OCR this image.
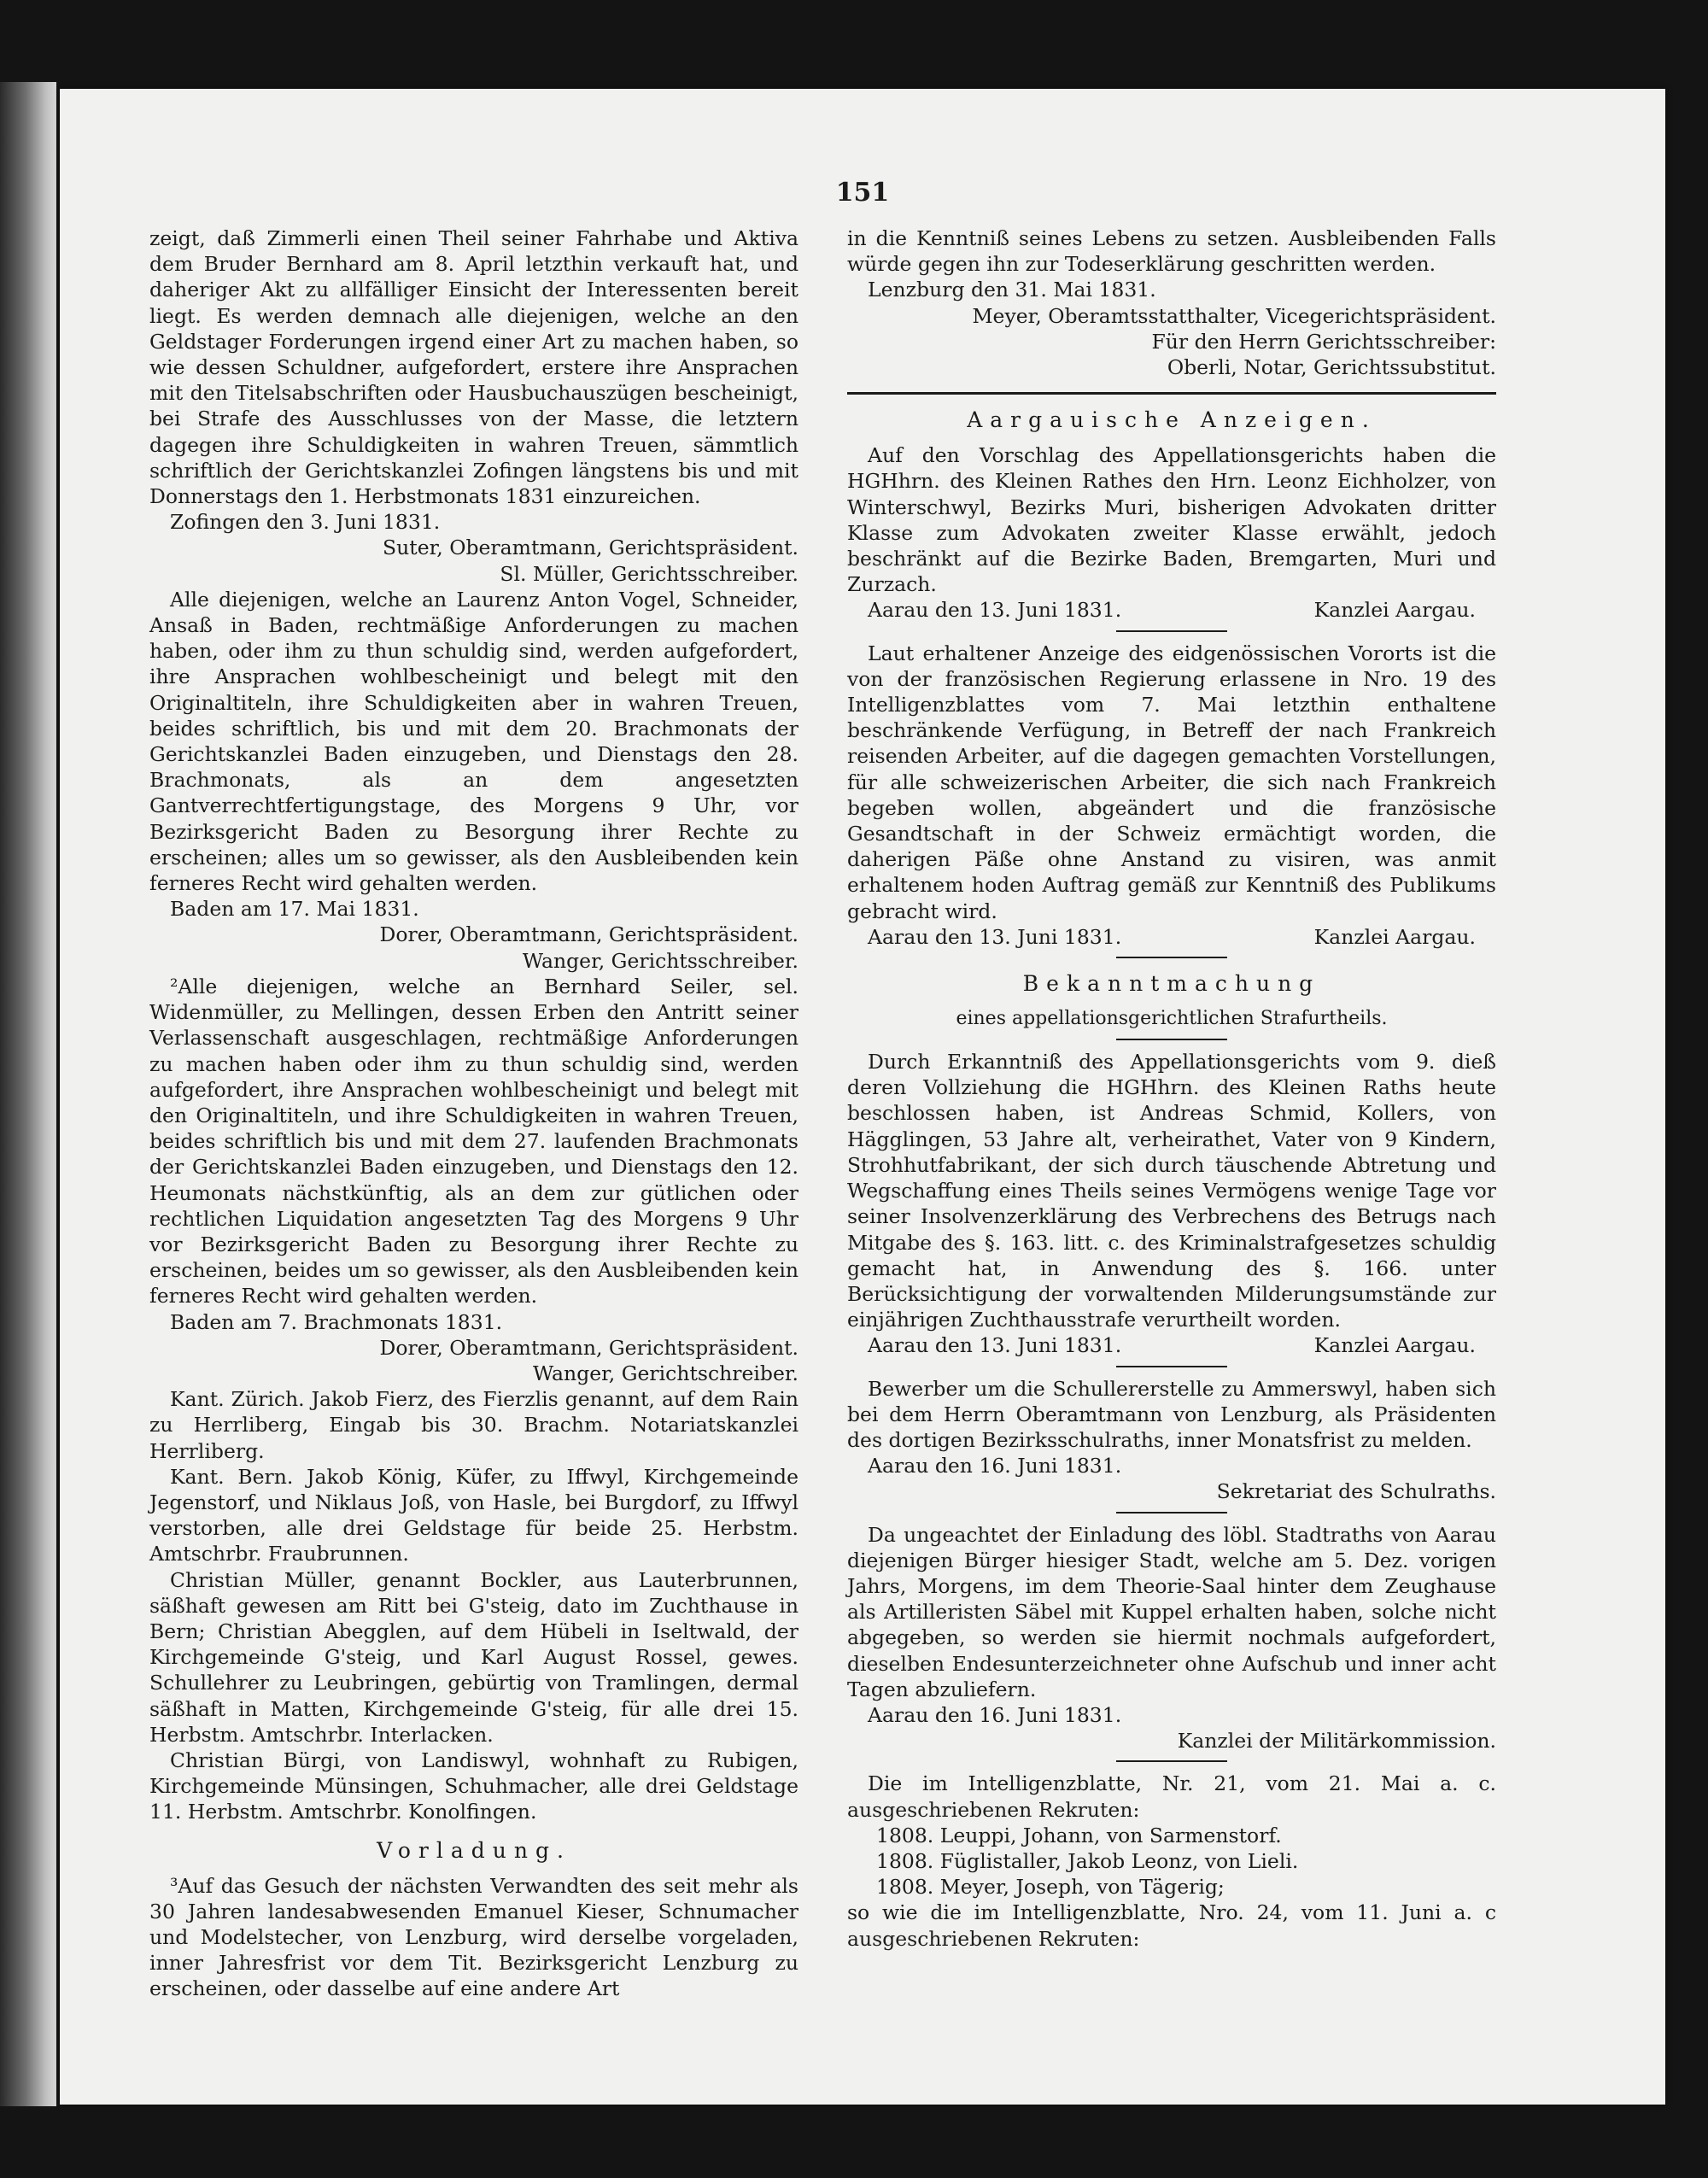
151

zeigt, daß Zimmerli einen Theil seiner Fahrhabe und Aktiva dem Bruder Bernhard am 8. April letzthin verkauft hat, und daheriger Akt zu allfälliger Einsicht der Interessenten bereit liegt. Es werden demnach alle diejenigen, welche an den Geldstager Forderungen irgend einer Art zu machen haben, so wie dessen Schuldner, aufgefordert, erstere ihre Ansprachen mit den Titelsabschriften oder Hausbuchauszügen bescheinigt, bei Strafe des Ausschlusses von der Masse, die letztern dagegen ihre Schuldigkeiten in wahren Treuen, sämmtlich schriftlich der Gerichtskanzlei Zofingen längstens bis und mit Donnerstags den 1. Herbstmonats 1831 einzureichen.

Zofingen den 3. Juni 1831.

Suter, Oberamtmann, Gerichtspräsident.

Sl. Müller, Gerichtsschreiber.

Alle diejenigen, welche an Laurenz Anton Vogel, Schneider, Ansaß in Baden, rechtmäßige Anforderungen zu machen haben, oder ihm zu thun schuldig sind, werden aufgefordert, ihre Ansprachen wohlbescheinigt und belegt mit den Originaltiteln, ihre Schuldigkeiten aber in wahren Treuen, beides schriftlich, bis und mit dem 20. Brachmonats der Gerichtskanzlei Baden einzugeben, und Dienstags den 28. Brachmonats, als an dem angesetzten Gantverrechtfertigungstage, des Morgens 9 Uhr, vor Bezirksgericht Baden zu Besorgung ihrer Rechte zu erscheinen; alles um so gewisser, als den Ausbleibenden kein ferneres Recht wird gehalten werden.

Baden am 17. Mai 1831.

Dorer, Oberamtmann, Gerichtspräsident.

Wanger, Gerichtsschreiber.

²Alle diejenigen, welche an Bernhard Seiler, sel. Widenmüller, zu Mellingen, dessen Erben den Antritt seiner Verlassenschaft ausgeschlagen, rechtmäßige Anforderungen zu machen haben oder ihm zu thun schuldig sind, werden aufgefordert, ihre Ansprachen wohlbescheinigt und belegt mit den Originaltiteln, und ihre Schuldigkeiten in wahren Treuen, beides schriftlich bis und mit dem 27. laufenden Brachmonats der Gerichtskanzlei Baden einzugeben, und Dienstags den 12. Heumonats nächstkünftig, als an dem zur gütlichen oder rechtlichen Liquidation angesetzten Tag des Morgens 9 Uhr vor Bezirksgericht Baden zu Besorgung ihrer Rechte zu erscheinen, beides um so gewisser, als den Ausbleibenden kein ferneres Recht wird gehalten werden.

Baden am 7. Brachmonats 1831.

Dorer, Oberamtmann, Gerichtspräsident.

Wanger, Gerichtschreiber.

Kant. Zürich. Jakob Fierz, des Fierzlis genannt, auf dem Rain zu Herrliberg, Eingab bis 30. Brachm. Notariatskanzlei Herrliberg.

Kant. Bern. Jakob König, Küfer, zu Iffwyl, Kirchgemeinde Jegenstorf, und Niklaus Joß, von Hasle, bei Burgdorf, zu Iffwyl verstorben, alle drei Geldstage für beide 25. Herbstm. Amtschrbr. Fraubrunnen.

Christian Müller, genannt Bockler, aus Lauterbrunnen, säßhaft gewesen am Ritt bei G'steig, dato im Zuchthause in Bern; Christian Abegglen, auf dem Hübeli in Iseltwald, der Kirchgemeinde G'steig, und Karl August Rossel, gewes. Schullehrer zu Leubringen, gebürtig von Tramlingen, dermal säßhaft in Matten, Kirchgemeinde G'steig, für alle drei 15. Herbstm. Amtschrbr. Interlacken.

Christian Bürgi, von Landiswyl, wohnhaft zu Rubigen, Kirchgemeinde Münsingen, Schuhmacher, alle drei Geldstage 11. Herbstm. Amtschrbr. Konolfingen.

Vorladung.

³Auf das Gesuch der nächsten Verwandten des seit mehr als 30 Jahren landesabwesenden Emanuel Kieser, Schnumacher und Modelstecher, von Lenzburg, wird derselbe vorgeladen, inner Jahresfrist vor dem Tit. Bezirksgericht Lenzburg zu erscheinen, oder dasselbe auf eine andere Art

in die Kenntniß seines Lebens zu setzen. Ausbleibenden Falls würde gegen ihn zur Todeserklärung geschritten werden.

Lenzburg den 31. Mai 1831.

Meyer, Oberamtsstatthalter, Vicegerichtspräsident.

Für den Herrn Gerichtsschreiber:

Oberli, Notar, Gerichtssubstitut.

Aargauische Anzeigen.

Auf den Vorschlag des Appellationsgerichts haben die HGHhrn. des Kleinen Rathes den Hrn. Leonz Eichholzer, von Winterschwyl, Bezirks Muri, bisherigen Advokaten dritter Klasse zum Advokaten zweiter Klasse erwählt, jedoch beschränkt auf die Bezirke Baden, Bremgarten, Muri und Zurzach.

Aarau den 13. Juni 1831.	Kanzlei Aargau.

Laut erhaltener Anzeige des eidgenössischen Vororts ist die von der französischen Regierung erlassene in Nro. 19 des Intelligenzblattes vom 7. Mai letzthin enthaltene beschränkende Verfügung, in Betreff der nach Frankreich reisenden Arbeiter, auf die dagegen gemachten Vorstellungen, für alle schweizerischen Arbeiter, die sich nach Frankreich begeben wollen, abgeändert und die französische Gesandtschaft in der Schweiz ermächtigt worden, die daherigen Päße ohne Anstand zu visiren, was anmit erhaltenem hoden Auftrag gemäß zur Kenntniß des Publikums gebracht wird.

Aarau den 13. Juni 1831.	Kanzlei Aargau.
Bekanntmachung

eines appellationsgerichtlichen Strafurtheils.

Durch Erkanntniß des Appellationsgerichts vom 9. dieß deren Vollziehung die HGHhrn. des Kleinen Raths heute beschlossen haben, ist Andreas Schmid, Kollers, von Hägglingen, 53 Jahre alt, verheirathet, Vater von 9 Kindern, Strohhutfabrikant, der sich durch täuschende Abtretung und Wegschaffung eines Theils seines Vermögens wenige Tage vor seiner Insolvenzerklärung des Verbrechens des Betrugs nach Mitgabe des §. 163. litt. c. des Kriminalstrafgesetzes schuldig gemacht hat, in Anwendung des §. 166. unter Berücksichtigung der vorwaltenden Milderungsumstände zur einjährigen Zuchthausstrafe verurtheilt worden.

Aarau den 13. Juni 1831.	Kanzlei Aargau.

Bewerber um die Schullererstelle zu Ammerswyl, haben sich bei dem Herrn Oberamtmann von Lenzburg, als Präsidenten des dortigen Bezirksschulraths, inner Monatsfrist zu melden.

Aarau den 16. Juni 1831.

Sekretariat des Schulraths.

Da ungeachtet der Einladung des löbl. Stadtraths von Aarau diejenigen Bürger hiesiger Stadt, welche am 5. Dez. vorigen Jahrs, Morgens, im dem Theorie-Saal hinter dem Zeughause als Artilleristen Säbel mit Kuppel erhalten haben, solche nicht abgegeben, so werden sie hiermit nochmals aufgefordert, dieselben Endesunterzeichneter ohne Aufschub und inner acht Tagen abzuliefern.

Aarau den 16. Juni 1831.

Kanzlei der Militärkommission.

Die im Intelligenzblatte, Nr. 21, vom 21. Mai a. c. ausgeschriebenen Rekruten:

1808. Leuppi, Johann, von Sarmenstorf.
1808. Füglistaller, Jakob Leonz, von Lieli.
1808. Meyer, Joseph, von Tägerig;

so wie die im Intelligenzblatte, Nro. 24, vom 11. Juni a. c ausgeschriebenen Rekruten:
